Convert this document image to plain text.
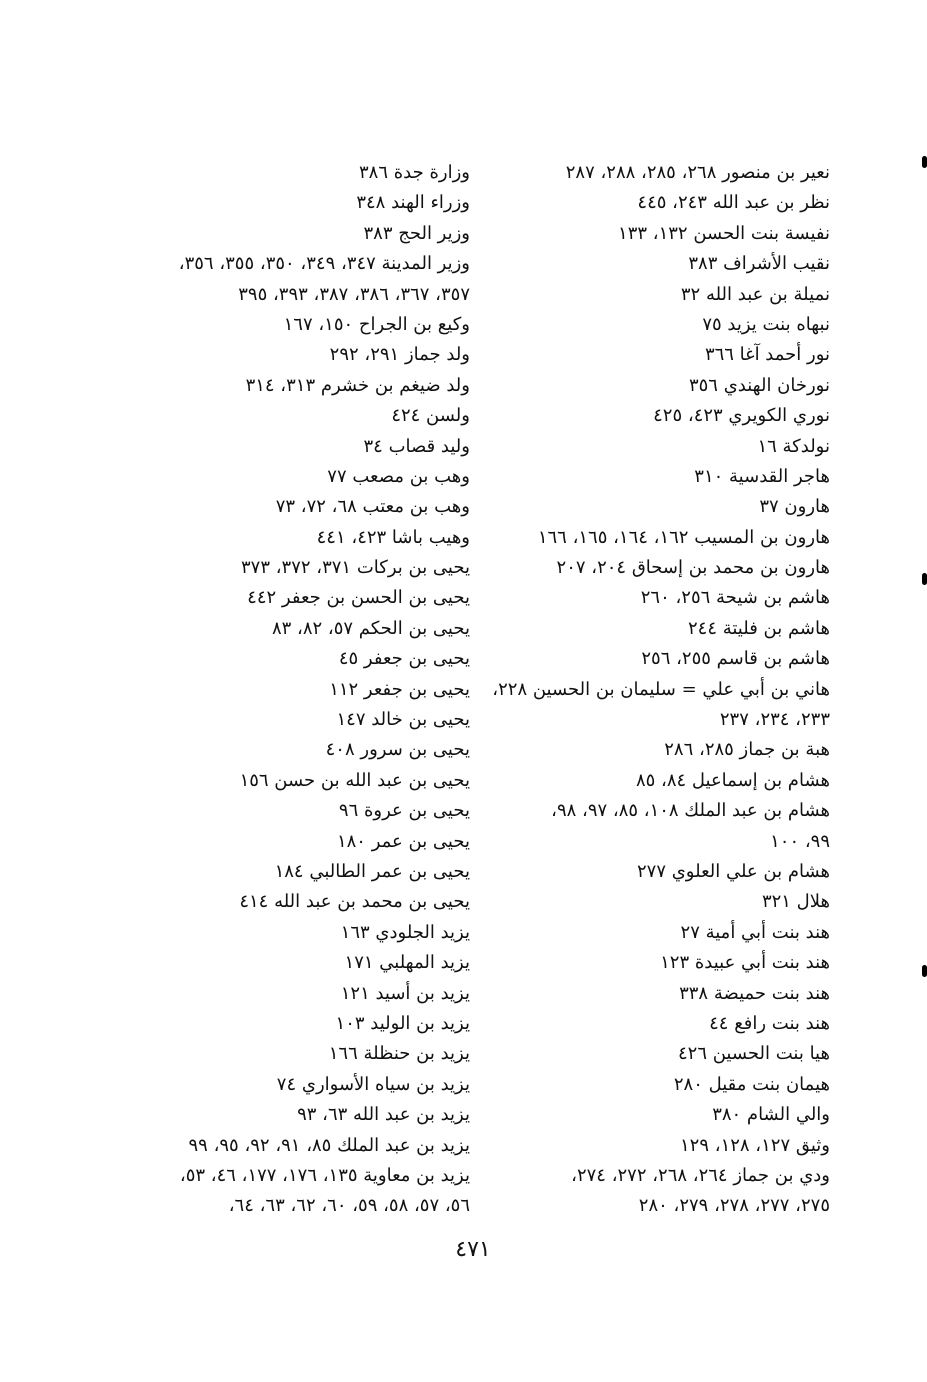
نعير بن منصور ٢٦٨، ٢٨٥، ٢٨٨، ٢٨٧
نظر بن عبد الله ٢٤٣، ٤٤٥
نفيسة بنت الحسن ١٣٢، ١٣٣
نقيب الأشراف ٣٨٣
نميلة بن عبد الله ٣٢
نبهاه بنت يزيد ٧٥
نور أحمد آغا ٣٦٦
نورخان الهندي ٣٥٦
نوري الكويري ٤٢٣، ٤٢٥
نولدكة ١٦
هاجر القدسية ٣١٠
هارون ٣٧
هارون بن المسيب ١٦٢، ١٦٤، ١٦٥، ١٦٦
هارون بن محمد بن إسحاق ٢٠٤، ٢٠٧
هاشم بن شيحة ٢٥٦، ٢٦٠
هاشم بن فليتة ٢٤٤
هاشم بن قاسم ٢٥٥، ٢٥٦
هاني بن أبي علي = سليمان بن الحسين ٢٢٨،
٢٣٣، ٢٣٤، ٢٣٧
هبة بن جماز ٢٨٥، ٢٨٦
هشام بن إسماعيل ٨٤، ٨٥
هشام بن عبد الملك ١٠٨، ٨٥، ٩٧، ٩٨،
٩٩، ١٠٠
هشام بن علي العلوي ٢٧٧
هلال ٣٢١
هند بنت أبي أمية ٢٧
هند بنت أبي عبيدة ١٢٣
هند بنت حميضة ٣٣٨
هند بنت رافع ٤٤
هيا بنت الحسين ٤٢٦
هيمان بنت مقيل ٢٨٠
والي الشام ٣٨٠
وثيق ١٢٧، ١٢٨، ١٢٩
ودي بن جماز ٢٦٤، ٢٦٨، ٢٧٢، ٢٧٤،
٢٧٥، ٢٧٧، ٢٧٨، ٢٧٩، ٢٨٠
وزارة جدة ٣٨٦
وزراء الهند ٣٤٨
وزير الحج ٣٨٣
وزير المدينة ٣٤٧، ٣٤٩، ٣٥٠، ٣٥٥، ٣٥٦،
٣٥٧، ٣٦٧، ٣٨٦، ٣٨٧، ٣٩٣، ٣٩٥
وكيع بن الجراح ١٥٠، ١٦٧
ولد جماز ٢٩١، ٢٩٢
ولد ضيغم بن خشرم ٣١٣، ٣١٤
ولسن ٤٢٤
وليد قصاب ٣٤
وهب بن مصعب ٧٧
وهب بن معتب ٦٨، ٧٢، ٧٣
وهيب باشا ٤٢٣، ٤٤١
يحيى بن بركات ٣٧١، ٣٧٢، ٣٧٣
يحيى بن الحسن بن جعفر ٤٤٢
يحيى بن الحكم ٥٧، ٨٢، ٨٣
يحيى بن جعفر ٤٥
يحيى بن جفعر ١١٢
يحيى بن خالد ١٤٧
يحيى بن سرور ٤٠٨
يحيى بن عبد الله بن حسن ١٥٦
يحيى بن عروة ٩٦
يحيى بن عمر ١٨٠
يحيى بن عمر الطالبي ١٨٤
يحيى بن محمد بن عبد الله ٤١٤
يزيد الجلودي ١٦٣
يزيد المهلبي ١٧١
يزيد بن أسيد ١٢١
يزيد بن الوليد ١٠٣
يزيد بن حنظلة ١٦٦
يزيد بن سياه الأسواري ٧٤
يزيد بن عبد الله ٦٣، ٩٣
يزيد بن عبد الملك ٨٥، ٩١، ٩٢، ٩٥، ٩٩
يزيد بن معاوية ١٣٥، ١٧٦، ١٧٧، ٤٦، ٥٣،
٥٦، ٥٧، ٥٨، ٥٩، ٦٠، ٦٢، ٦٣، ٦٤،
٤٧١
